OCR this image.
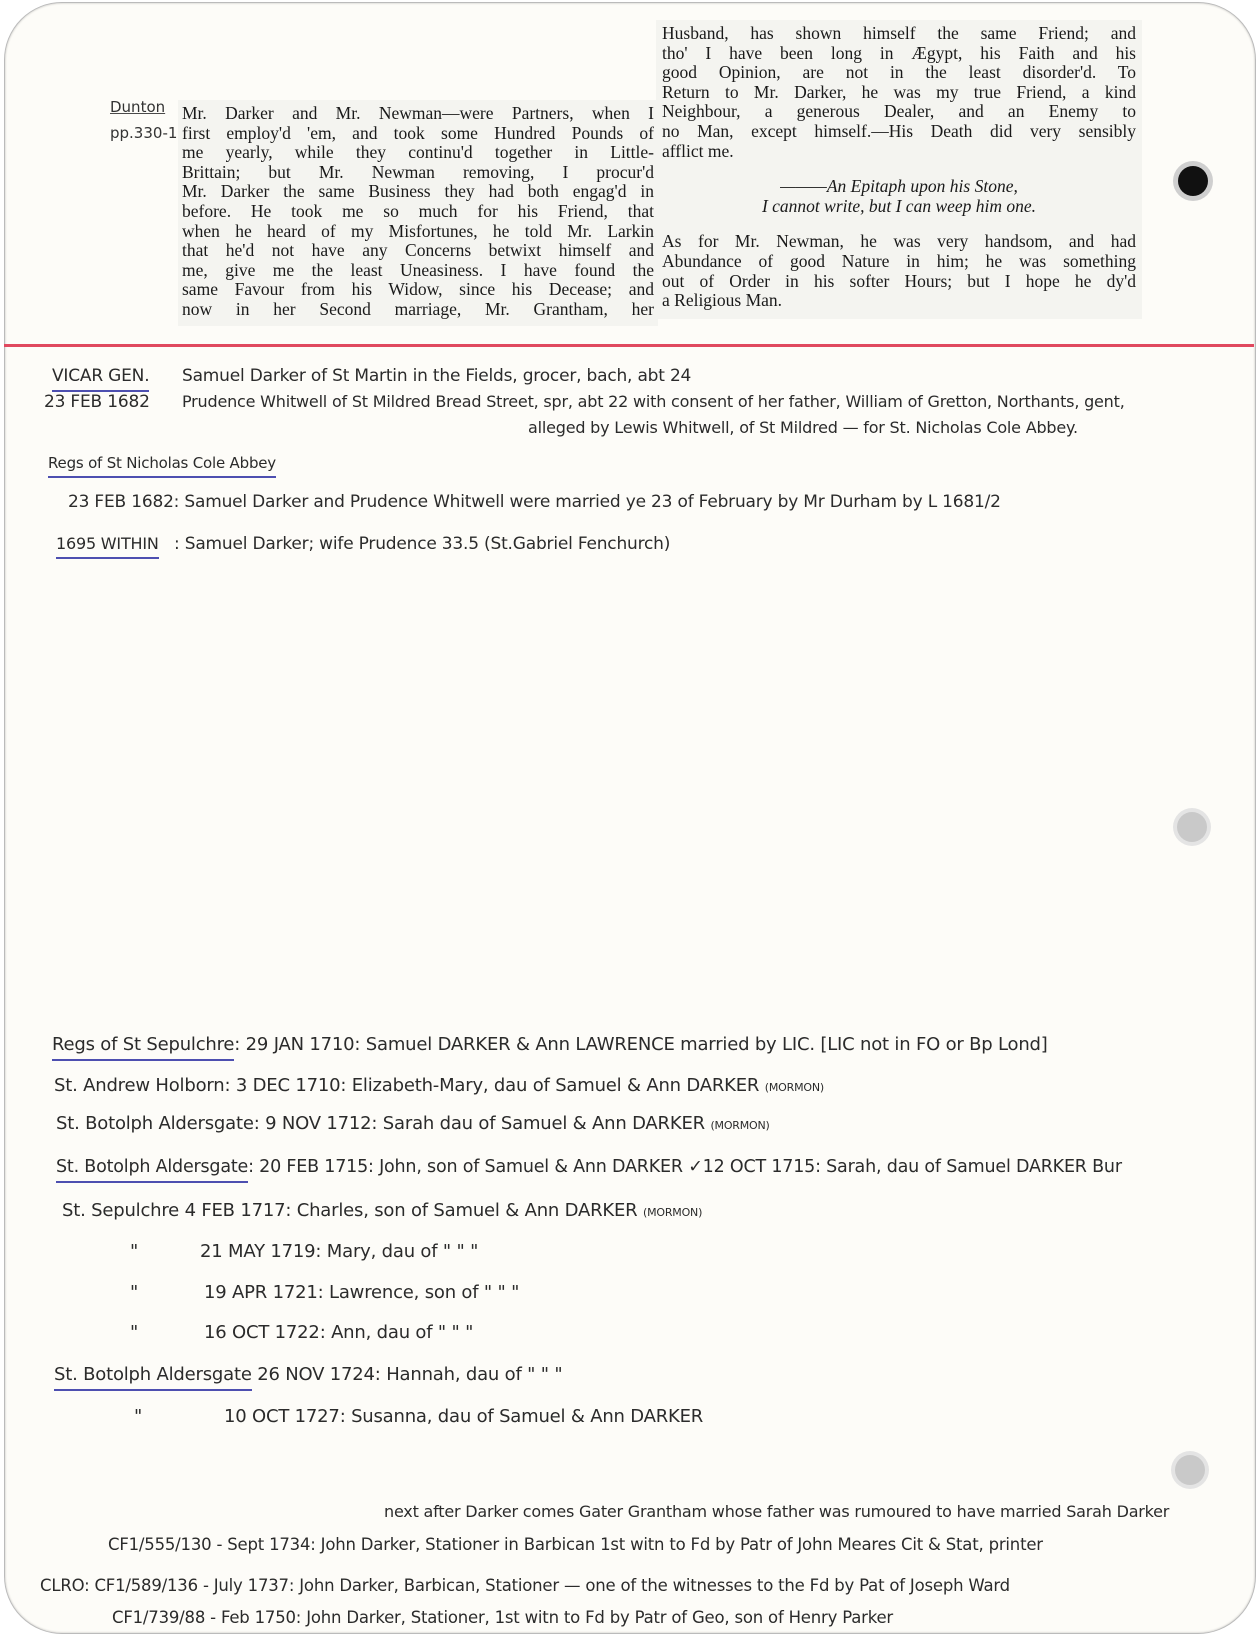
Dunton
pp.330-1
Mr. Darker and Mr. Newman—were Partners, when I
first employ'd 'em, and took some Hundred Pounds of
me yearly, while they continu'd together in Little-
Brittain; but Mr. Newman removing, I procur'd
Mr. Darker the same Business they had both engag'd in
before. He took me so much for his Friend, that
when he heard of my Misfortunes, he told Mr. Larkin
that he'd not have any Concerns betwixt himself and
me, give me the least Uneasiness. I have found the
same Favour from his Widow, since his Decease; and
now in her Second marriage, Mr. Grantham, her
Husband, has shown himself the same Friend; and
tho' I have been long in Ægypt, his Faith and his
good Opinion, are not in the least disorder'd. To
Return to Mr. Darker, he was my true Friend, a kind
Neighbour, a generous Dealer, and an Enemy to
no Man, except himself.—His Death did very sensibly
afflict me.
———An Epitaph upon his Stone,
I cannot write, but I can weep him one.
As for Mr. Newman, he was very handsom, and had
Abundance of good Nature in him; he was something
out of Order in his softer Hours; but I hope he dy'd
a Religious Man.
VICAR GEN.
23 FEB 1682
Samuel Darker of St Martin in the Fields, grocer, bach, abt 24
Prudence Whitwell of St Mildred Bread Street, spr, abt 22 with consent of her father, William of Gretton, Northants, gent,
alleged by Lewis Whitwell, of St Mildred — for St. Nicholas Cole Abbey.
Regs of St Nicholas Cole Abbey
23 FEB 1682: Samuel Darker and Prudence Whitwell were married ye 23 of February by Mr Durham by L 1681/2
1695 WITHIN : Samuel Darker; wife Prudence 33.5 (St.Gabriel Fenchurch)
Regs of St Sepulchre: 29 JAN 1710: Samuel DARKER & Ann LAWRENCE married by LIC. [LIC not in FO or Bp Lond]
St. Andrew Holborn: 3 DEC 1710: Elizabeth-Mary, dau of Samuel & Ann DARKER (MORMON)
St. Botolph Aldersgate: 9 NOV 1712: Sarah dau of Samuel & Ann DARKER (MORMON)
St. Botolph Aldersgate: 20 FEB 1715: John, son of Samuel & Ann DARKER ✓12 OCT 1715: Sarah, dau of Samuel DARKER Bur
St. Sepulchre 4 FEB 1717: Charles, son of Samuel & Ann DARKER (MORMON)
"	21 MAY 1719: Mary, dau of " " "
"	19 APR 1721: Lawrence, son of " " "
"	16 OCT 1722: Ann, dau of " " "
St. Botolph Aldersgate 26 NOV 1724: Hannah, dau of " " "
"	10 OCT 1727: Susanna, dau of Samuel & Ann DARKER
next after Darker comes Gater Grantham whose father was rumoured to have married Sarah Darker
CF1/555/130 - Sept 1734: John Darker, Stationer in Barbican 1st witn to Fd by Patr of John Meares Cit & Stat, printer
CLRO: CF1/589/136 - July 1737: John Darker, Barbican, Stationer — one of the witnesses to the Fd by Pat of Joseph Ward
CF1/739/88 - Feb 1750: John Darker, Stationer, 1st witn to Fd by Patr of Geo, son of Henry Parker
